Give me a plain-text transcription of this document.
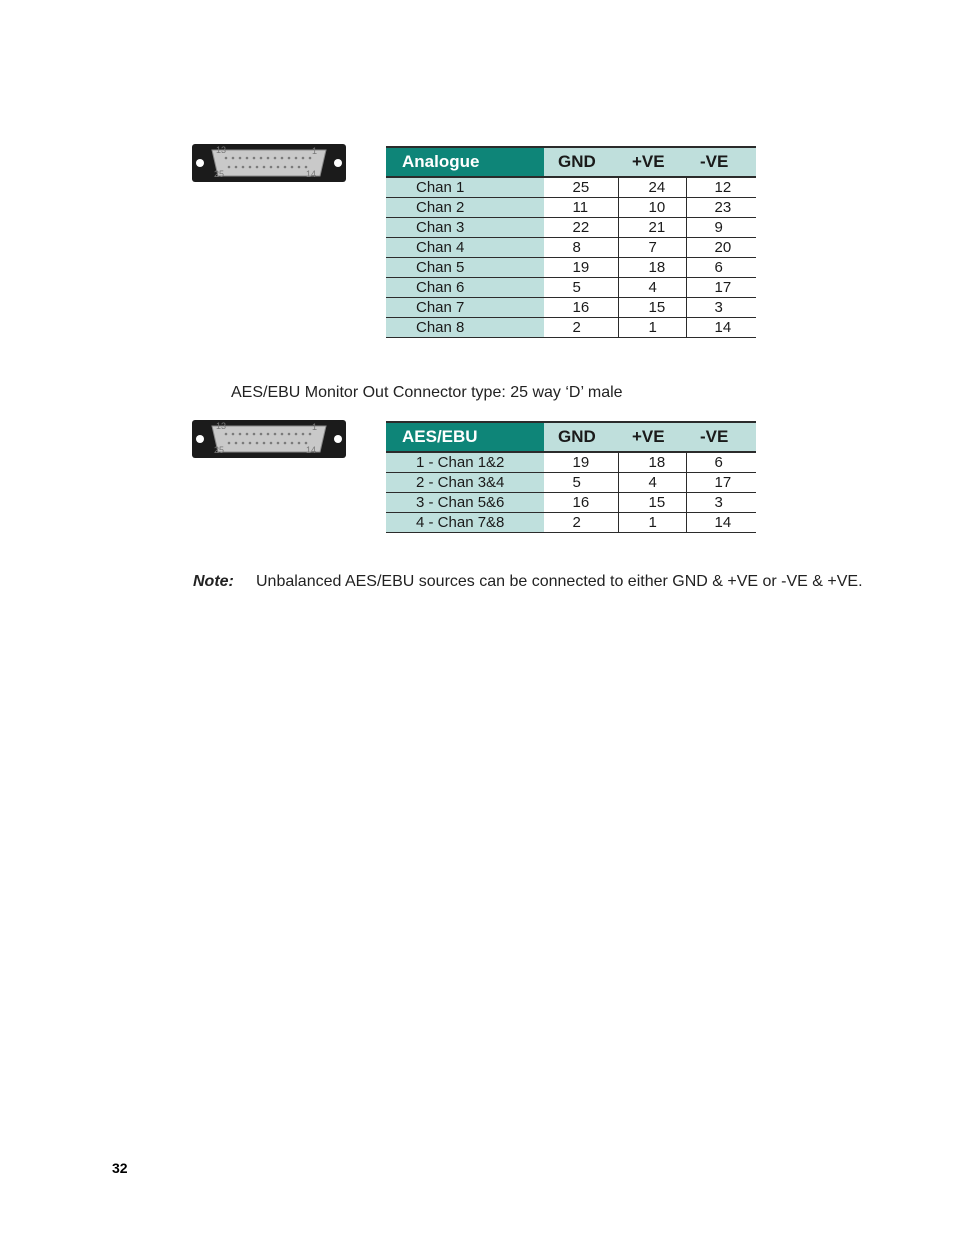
13	1
25	14
Analogue	GND	+VE	-VE
Chan 1	25	24	12
Chan 2	11	10	23
Chan 3	22	21	9
Chan 4	8	7	20
Chan 5	19	18	6
Chan 6	5	4	17
Chan 7	16	15	3
Chan 8	2	1	14
AES/EBU Monitor Out Connector type: 25 way ‘D’ male
13	1
25	14
AES/EBU	GND	+VE	-VE
1 - Chan 1&2	19	18	6
2 - Chan 3&4	5	4	17
3 - Chan 5&6	16	15	3
4 - Chan 7&8	2	1	14
Note: Unbalanced AES/EBU sources can be connected to either GND & +VE or -VE & +VE.
32
